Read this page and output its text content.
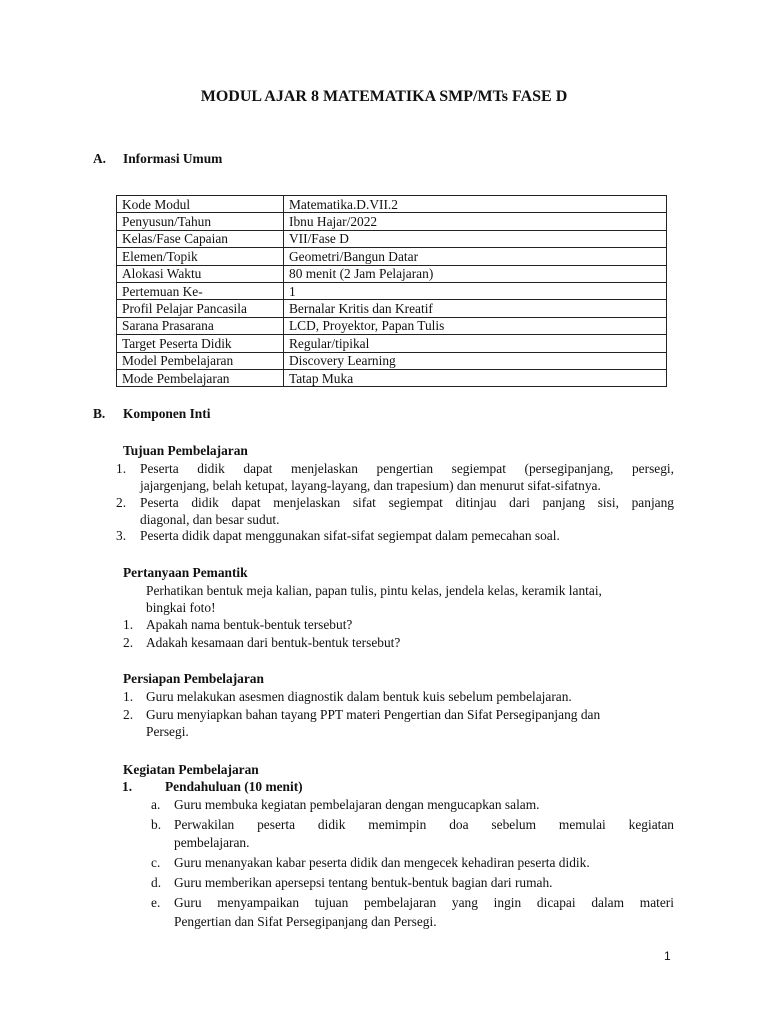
MODUL AJAR 8 MATEMATIKA SMP/MTs FASE D
A. Informasi Umum
Kode Modul	Matematika.D.VII.2
Penyusun/Tahun	Ibnu Hajar/2022
Kelas/Fase Capaian	VII/Fase D
Elemen/Topik	Geometri/Bangun Datar
Alokasi Waktu	80 menit (2 Jam Pelajaran)
Pertemuan Ke-	1
Profil Pelajar Pancasila	Bernalar Kritis dan Kreatif
Sarana Prasarana	LCD, Proyektor, Papan Tulis
Target Peserta Didik	Regular/tipikal
Model Pembelajaran	Discovery Learning
Mode Pembelajaran	Tatap Muka
B. Komponen Inti
Tujuan Pembelajaran
1. Peserta didik dapat menjelaskan pengertian segiempat (persegipanjang, persegi,
jajargenjang, belah ketupat, layang-layang, dan trapesium) dan menurut sifat-sifatnya.
2. Peserta didik dapat menjelaskan sifat segiempat ditinjau dari panjang sisi, panjang
diagonal, dan besar sudut.
3. Peserta didik dapat menggunakan sifat-sifat segiempat dalam pemecahan soal.
Pertanyaan Pemantik
Perhatikan bentuk meja kalian, papan tulis, pintu kelas, jendela kelas, keramik lantai,
bingkai foto!
1. Apakah nama bentuk-bentuk tersebut?
2. Adakah kesamaan dari bentuk-bentuk tersebut?
Persiapan Pembelajaran
1. Guru melakukan asesmen diagnostik dalam bentuk kuis sebelum pembelajaran.
2. Guru menyiapkan bahan tayang PPT materi Pengertian dan Sifat Persegipanjang dan
Persegi.
Kegiatan Pembelajaran
1. Pendahuluan (10 menit)
a. Guru membuka kegiatan pembelajaran dengan mengucapkan salam.
b. Perwakilan peserta didik memimpin doa sebelum memulai kegiatan
pembelajaran.
c. Guru menanyakan kabar peserta didik dan mengecek kehadiran peserta didik.
d. Guru memberikan apersepsi tentang bentuk-bentuk bagian dari rumah.
e. Guru menyampaikan tujuan pembelajaran yang ingin dicapai dalam materi
Pengertian dan Sifat Persegipanjang dan Persegi.
1
